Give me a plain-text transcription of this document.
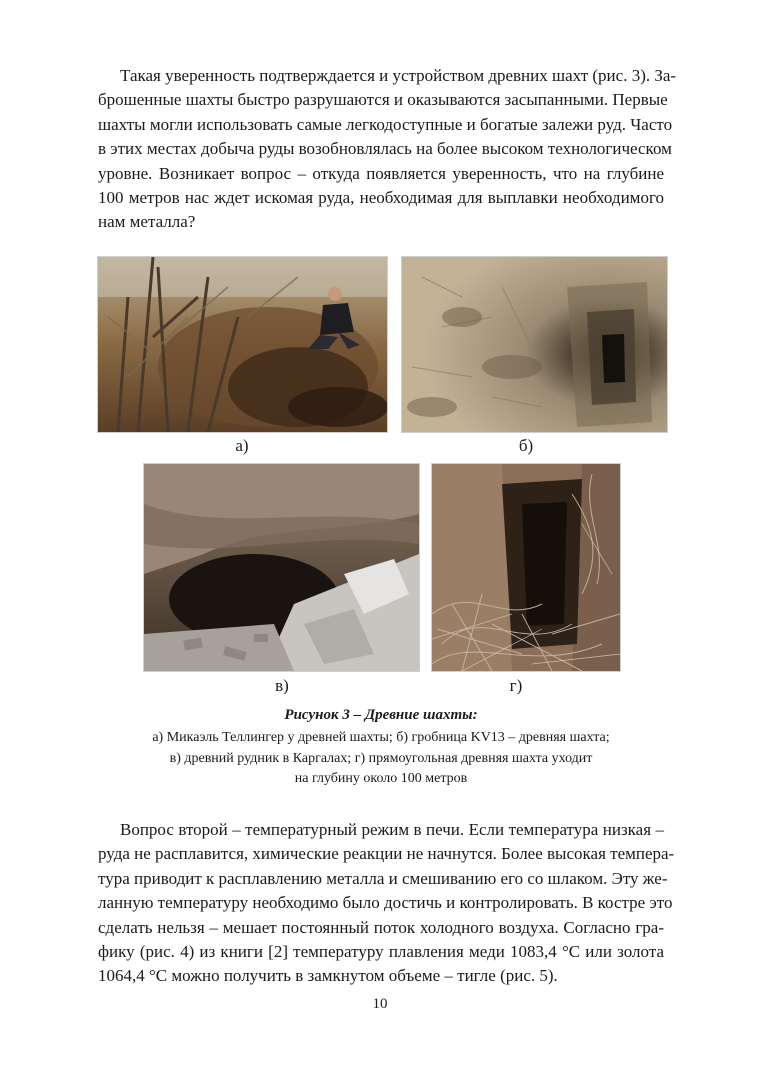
Такая уверенность подтверждается и устройством древних шахт (рис. 3). За-
брошенные шахты быстро разрушаются и оказываются засыпанными. Первые
шахты могли использовать самые легкодоступные и богатые залежи руд. Часто
в этих местах добыча руды возобновлялась на более высоком технологическом
уровне. Возникает вопрос – откуда появляется уверенность, что на глубине
100 метров нас ждет искомая руда, необходимая для выплавки необходимого
нам металла?
а)	б)
в)	г)
Рисунок 3 – Древние шахты:
а) Микаэль Теллингер у древней шахты; б) гробница KV13 – древняя шахта;
в) древний рудник в Каргалах; г) прямоугольная древняя шахта уходит
на глубину около 100 метров
Вопрос второй – температурный режим в печи. Если температура низкая –
руда не расплавится, химические реакции не начнутся. Более высокая темпера-
тура приводит к расплавлению металла и смешиванию его со шлаком. Эту же-
ланную температуру необходимо было достичь и контролировать. В костре это
сделать нельзя – мешает постоянный поток холодного воздуха. Согласно гра-
фику (рис. 4) из книги [2] температуру плавления меди 1083,4 °C или золота
1064,4 °C можно получить в замкнутом объеме – тигле (рис. 5).
10
